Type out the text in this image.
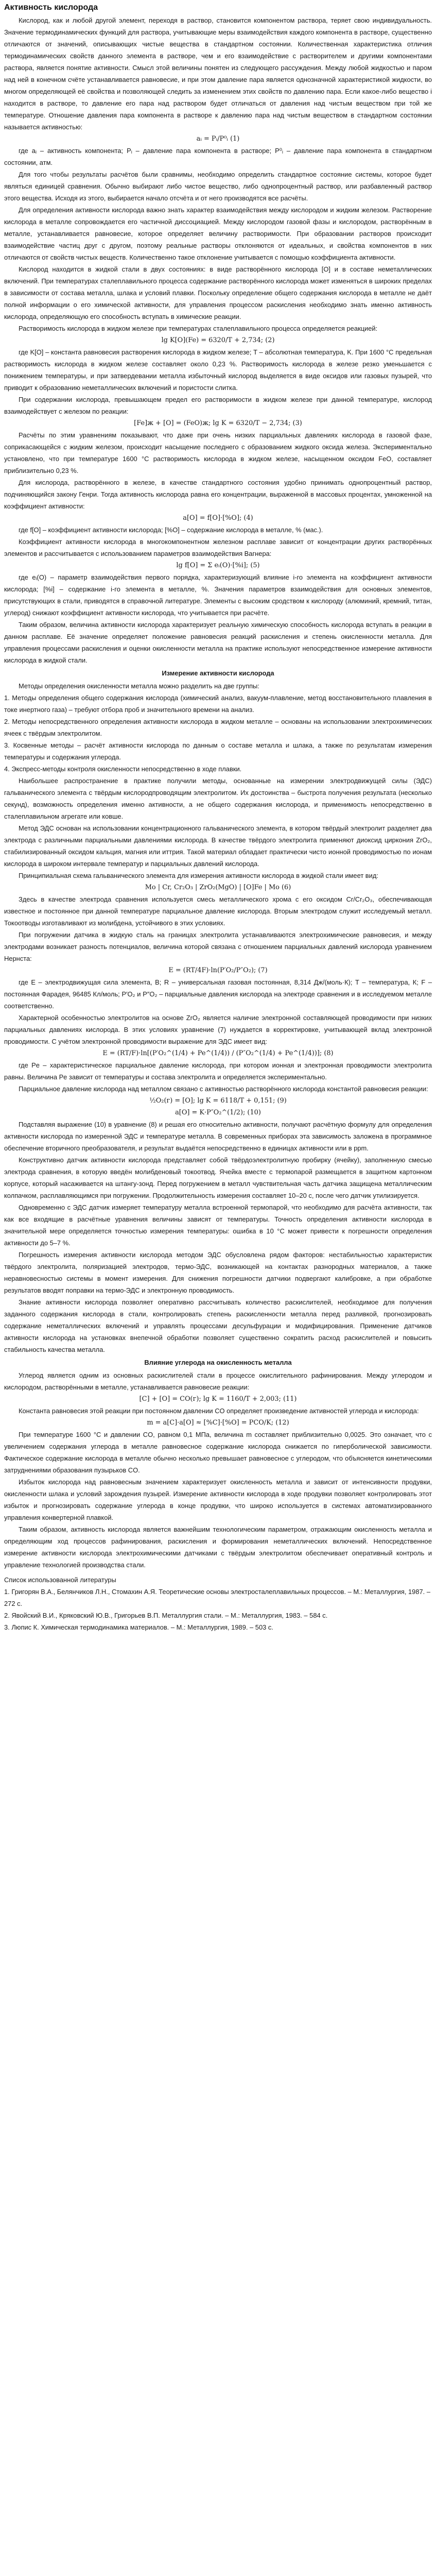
Активность кислорода

Кислород, как и любой другой элемент, переходя в раствор, становится компонентом раствора, теряет свою индивидуальность. Значение термодинамических функций для раствора, учитывающие меры взаимодействия каждого компонента в растворе, существенно отличаются от значений, описывающих чистые вещества в стандартном состоянии. Количественная характеристика отличия термодинамических свойств данного элемента в растворе, чем и его взаимодействие с растворителем и другими компонентами раствора, является понятие активности. Смысл этой величины понятен из следующего рассуждения. Между любой жидкостью и паром над ней в конечном счёте устанавливается равновесие, и при этом давление пара является однозначной характеристикой жидкости, во многом определяющей её свойства и позволяющей следить за изменением этих свойств по давлению пара. Если какое-либо вещество i находится в растворе, то давление его пара над раствором будет отличаться от давления над чистым веществом при той же температуре. Отношение давления пара компонента в растворе к давлению пара над чистым веществом в стандартном состоянии называется активностью:

aᵢ = Pᵢ/P⁰ᵢ (1)

где aᵢ – активность компонента; Pᵢ – давление пара компонента в растворе; P⁰ᵢ – давление пара компонента в стандартном состоянии, атм.

Для того чтобы результаты расчётов были сравнимы, необходимо определить стандартное состояние системы, которое будет являться единицей сравнения. Обычно выбирают либо чистое вещество, либо однопроцентный раствор, или разбавленный раствор этого вещества. Исходя из этого, выбирается начало отсчёта и от него производятся все расчёты.

Для определения активности кислорода важно знать характер взаимодействия между кислородом и жидким железом. Растворение кислорода в металле сопровождается его частичной диссоциацией. Между кислородом газовой фазы и кислородом, растворённым в металле, устанавливается равновесие, которое определяет величину растворимости. При образовании растворов происходит взаимодействие частиц друг с другом, поэтому реальные растворы отклоняются от идеальных, и свойства компонентов в них отличаются от свойств чистых веществ. Количественно такое отклонение учитывается с помощью коэффициента активности.

Кислород находится в жидкой стали в двух состояниях: в виде растворённого кислорода [O] и в составе неметаллических включений. При температурах сталеплавильного процесса содержание растворённого кислорода может изменяться в широких пределах в зависимости от состава металла, шлака и условий плавки. Поскольку определение общего содержания кислорода в металле не даёт полной информации о его химической активности, для управления процессом раскисления необходимо знать именно активность кислорода, определяющую его способность вступать в химические реакции.

Растворимость кислорода в жидком железе при температурах сталеплавильного процесса определяется реакцией:

lg K[O](Fe) = 6320/T + 2,734; (2)

где K[O] – константа равновесия растворения кислорода в жидком железе; T – абсолютная температура, K. При 1600 °С предельная растворимость кислорода в жидком железе составляет около 0,23 %. Растворимость кислорода в железе резко уменьшается с понижением температуры, и при затвердевании металла избыточный кислород выделяется в виде оксидов или газовых пузырей, что приводит к образованию неметаллических включений и пористости слитка.

При содержании кислорода, превышающем предел его растворимости в жидком железе при данной температуре, кислород взаимодействует с железом по реакции:

[Fe]ж + [O] = (FeO)ж; lg K = 6320/T − 2,734; (3)

Расчёты по этим уравнениям показывают, что даже при очень низких парциальных давлениях кислорода в газовой фазе, соприкасающейся с жидким железом, происходит насыщение последнего с образованием жидкого оксида железа. Экспериментально установлено, что при температуре 1600 °С растворимость кислорода в жидком железе, насыщенном оксидом FeO, составляет приблизительно 0,23 %.

Для кислорода, растворённого в железе, в качестве стандартного состояния удобно принимать однопроцентный раствор, подчиняющийся закону Генри. Тогда активность кислорода равна его концентрации, выраженной в массовых процентах, умноженной на коэффициент активности:

a[O] = f[O]·[%O]; (4)

где f[O] – коэффициент активности кислорода; [%O] – содержание кислорода в металле, % (мас.).

Коэффициент активности кислорода в многокомпонентном железном расплаве зависит от концентрации других растворённых элементов и рассчитывается с использованием параметров взаимодействия Вагнера:

lg f[O] = Σ eᵢ(O)·[%i]; (5)

где eᵢ(O) – параметр взаимодействия первого порядка, характеризующий влияние i-го элемента на коэффициент активности кислорода; [%i] – содержание i-го элемента в металле, %. Значения параметров взаимодействия для основных элементов, присутствующих в стали, приводятся в справочной литературе. Элементы с высоким сродством к кислороду (алюминий, кремний, титан, углерод) снижают коэффициент активности кислорода, что учитывается при расчёте.

Таким образом, величина активности кислорода характеризует реальную химическую способность кислорода вступать в реакции в данном расплаве. Её значение определяет положение равновесия реакций раскисления и степень окисленности металла. Для управления процессами раскисления и оценки окисленности металла на практике используют непосредственное измерение активности кислорода в жидкой стали.

Измерение активности кислорода

Методы определения окисленности металла можно разделить на две группы:

1. Методы определения общего содержания кислорода (химический анализ, вакуум-плавление, метод восстановительного плавления в токе инертного газа) – требуют отбора проб и значительного времени на анализ.
2. Методы непосредственного определения активности кислорода в жидком металле – основаны на использовании электрохимических ячеек с твёрдым электролитом.
3. Косвенные методы – расчёт активности кислорода по данным о составе металла и шлака, а также по результатам измерения температуры и содержания углерода.
4. Экспресс-методы контроля окисленности непосредственно в ходе плавки.

Наибольшее распространение в практике получили методы, основанные на измерении электродвижущей силы (ЭДС) гальванического элемента с твёрдым кислородпроводящим электролитом. Их достоинства – быстрота получения результата (несколько секунд), возможность определения именно активности, а не общего содержания кислорода, и применимость непосредственно в сталеплавильном агрегате или ковше.

Метод ЭДС основан на использовании концентрационного гальванического элемента, в котором твёрдый электролит разделяет два электрода с различными парциальными давлениями кислорода. В качестве твёрдого электролита применяют диоксид циркония ZrO₂, стабилизированный оксидом кальция, магния или иттрия. Такой материал обладает практически чисто ионной проводимостью по ионам кислорода в широком интервале температур и парциальных давлений кислорода.

Принципиальная схема гальванического элемента для измерения активности кислорода в жидкой стали имеет вид:

Mo | Cr, Cr₂O₃ | ZrO₂(MgO) | [O]Fe | Mo (6)

Здесь в качестве электрода сравнения используется смесь металлического хрома с его оксидом Cr/Cr₂O₃, обеспечивающая известное и постоянное при данной температуре парциальное давление кислорода. Вторым электродом служит исследуемый металл. Токоотводы изготавливают из молибдена, устойчивого в этих условиях.

При погружении датчика в жидкую сталь на границах электролита устанавливаются электрохимические равновесия, и между электродами возникает разность потенциалов, величина которой связана с отношением парциальных давлений кислорода уравнением Нернста:

E = (RT/4F)·ln(P′O₂/P″O₂); (7)

где E – электродвижущая сила элемента, В; R – универсальная газовая постоянная, 8,314 Дж/(моль·К); T – температура, К; F – постоянная Фарадея, 96485 Кл/моль; P′O₂ и P″O₂ – парциальные давления кислорода на электроде сравнения и в исследуемом металле соответственно.

Характерной особенностью электролитов на основе ZrO₂ является наличие электронной составляющей проводимости при низких парциальных давлениях кислорода. В этих условиях уравнение (7) нуждается в корректировке, учитывающей вклад электронной проводимости. С учётом электронной проводимости выражение для ЭДС имеет вид:

E = (RT/F)·ln[(P′O₂^(1/4) + Pe^(1/4)) / (P″O₂^(1/4) + Pe^(1/4))]; (8)

где Pe – характеристическое парциальное давление кислорода, при котором ионная и электронная проводимости электролита равны. Величина Pe зависит от температуры и состава электролита и определяется экспериментально.

Парциальное давление кислорода над металлом связано с активностью растворённого кислорода константой равновесия реакции:

½O₂(г) = [O]; lg K = 6118/T + 0,151; (9)
a[O] = K·P″O₂^(1/2); (10)

Подставляя выражение (10) в уравнение (8) и решая его относительно активности, получают расчётную формулу для определения активности кислорода по измеренной ЭДС и температуре металла. В современных приборах эта зависимость заложена в программное обеспечение вторичного преобразователя, и результат выдаётся непосредственно в единицах активности или в ppm.

Конструктивно датчик активности кислорода представляет собой твёрдоэлектролитную пробирку (ячейку), заполненную смесью электрода сравнения, в которую введён молибденовый токоотвод. Ячейка вместе с термопарой размещается в защитном картонном корпусе, который насаживается на штангу-зонд. Перед погружением в металл чувствительная часть датчика защищена металлическим колпачком, расплавляющимся при погружении. Продолжительность измерения составляет 10–20 с, после чего датчик утилизируется.

Одновременно с ЭДС датчик измеряет температуру металла встроенной термопарой, что необходимо для расчёта активности, так как все входящие в расчётные уравнения величины зависят от температуры. Точность определения активности кислорода в значительной мере определяется точностью измерения температуры: ошибка в 10 °С может привести к погрешности определения активности до 5–7 %.

Погрешность измерения активности кислорода методом ЭДС обусловлена рядом факторов: нестабильностью характеристик твёрдого электролита, поляризацией электродов, термо-ЭДС, возникающей на контактах разнородных материалов, а также неравновесностью системы в момент измерения. Для снижения погрешности датчики подвергают калибровке, а при обработке результатов вводят поправки на термо-ЭДС и электронную проводимость.

Знание активности кислорода позволяет оперативно рассчитывать количество раскислителей, необходимое для получения заданного содержания кислорода в стали, контролировать степень раскисленности металла перед разливкой, прогнозировать содержание неметаллических включений и управлять процессами десульфурации и модифицирования. Применение датчиков активности кислорода на установках внепечной обработки позволяет существенно сократить расход раскислителей и повысить стабильность качества металла.

Влияние углерода на окисленность металла

Углерод является одним из основных раскислителей стали в процессе окислительного рафинирования. Между углеродом и кислородом, растворёнными в металле, устанавливается равновесие реакции:

[C] + [O] = CO(г); lg K = 1160/T + 2,003; (11)

Константа равновесия этой реакции при постоянном давлении CO определяет произведение активностей углерода и кислорода:

m = a[C]·a[O] ≈ [%C]·[%O] = PCO/K; (12)

При температуре 1600 °С и давлении CO, равном 0,1 МПа, величина m составляет приблизительно 0,0025. Это означает, что с увеличением содержания углерода в металле равновесное содержание кислорода снижается по гиперболической зависимости. Фактическое содержание кислорода в металле обычно несколько превышает равновесное с углеродом, что объясняется кинетическими затруднениями образования пузырьков CO.

Избыток кислорода над равновесным значением характеризует окисленность металла и зависит от интенсивности продувки, окисленности шлака и условий зарождения пузырей. Измерение активности кислорода в ходе продувки позволяет контролировать этот избыток и прогнозировать содержание углерода в конце продувки, что широко используется в системах автоматизированного управления конвертерной плавкой.

Таким образом, активность кислорода является важнейшим технологическим параметром, отражающим окисленность металла и определяющим ход процессов рафинирования, раскисления и формирования неметаллических включений. Непосредственное измерение активности кислорода электрохимическими датчиками с твёрдым электролитом обеспечивает оперативный контроль и управление технологией производства стали.

Список использованной литературы
1. Григорян В.А., Белянчиков Л.Н., Стомахин А.Я. Теоретические основы электросталеплавильных процессов. – М.: Металлургия, 1987. – 272 с.
2. Явойский В.И., Кряковский Ю.В., Григорьев В.П. Металлургия стали. – М.: Металлургия, 1983. – 584 с.
3. Люпис К. Химическая термодинамика материалов. – М.: Металлургия, 1989. – 503 с.
